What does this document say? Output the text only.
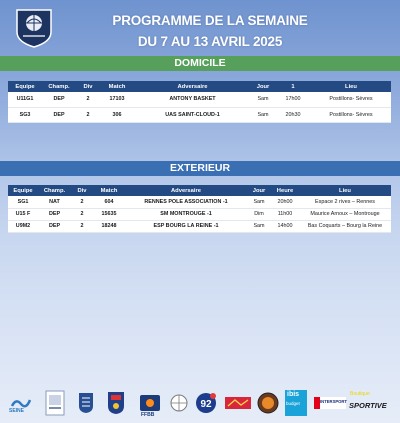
PROGRAMME DE LA SEMAINE
DU 7 AU 13 AVRIL 2025
DOMICILE
Equipe	Champ.	Div	Match	Adversaire	Jour	1	Lieu
U11G1	DEP	2	17103	ANTONY BASKET	Sam	17h00	Postillons- Sèvres
SG3	DEP	2	306	UAS SAINT-CLOUD-1	Sam	20h30	Postillons- Sèvres
EXTERIEUR
Equipe	Champ.	Div	Match	Adversaire	Jour	Heure	Lieu
SG1	NAT	2	604	RENNES POLE ASSOCIATION -1	Sam	20h00	Espace 2 rives – Rennes
U15 F	DEP	2	15635	SM MONTROUGE -1	Dim	11h00	Maurice Arnoux – Montrouge
U9M2	DEP	2	18248	ESP BOURG LA REINE -1	Sam	14h00	Bas Coquarts – Bourg la Reine
SEINE
FFBB
92
ibis
budget	INTERSPORT
Boutique
SPORTIVE
